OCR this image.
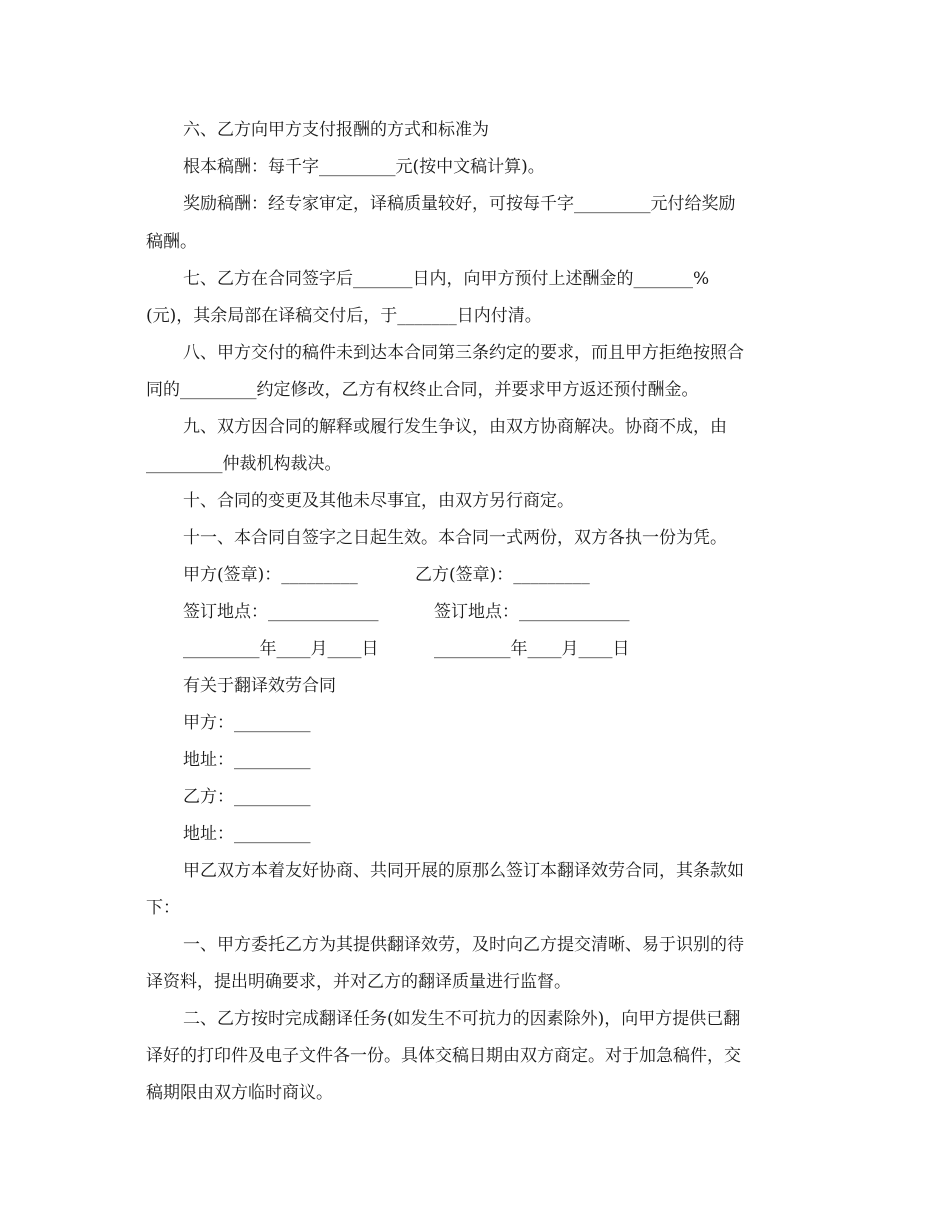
六、乙方向甲方支付报酬的方式和标准为
根本稿酬：每千字_________元(按中文稿计算)。
奖励稿酬：经专家审定，译稿质量较好，可按每千字_________元付给奖励
稿酬。
七、乙方在合同签字后_______日内，向甲方预付上述酬金的_______%
(元)，其余局部在译稿交付后，于_______日内付清。
八、甲方交付的稿件未到达本合同第三条约定的要求，而且甲方拒绝按照合
同的_________约定修改，乙方有权终止合同，并要求甲方返还预付酬金。
九、双方因合同的解释或履行发生争议，由双方协商解决。协商不成，由
_________仲裁机构裁决。
十、合同的变更及其他未尽事宜，由双方另行商定。
十一、本合同自签字之日起生效。本合同一式两份，双方各执一份为凭。
甲方(签章)：_________	乙方(签章)：_________
签订地点：_____________	签订地点：_____________
_________年____月____日	_________年____月____日
有关于翻译效劳合同
甲方：_________
地址：_________
乙方：_________
地址：_________
甲乙双方本着友好协商、共同开展的原那么签订本翻译效劳合同，其条款如
下：
一、甲方委托乙方为其提供翻译效劳，及时向乙方提交清晰、易于识别的待
译资料，提出明确要求，并对乙方的翻译质量进行监督。
二、乙方按时完成翻译任务(如发生不可抗力的因素除外)，向甲方提供已翻
译好的打印件及电子文件各一份。具体交稿日期由双方商定。对于加急稿件，交
稿期限由双方临时商议。
